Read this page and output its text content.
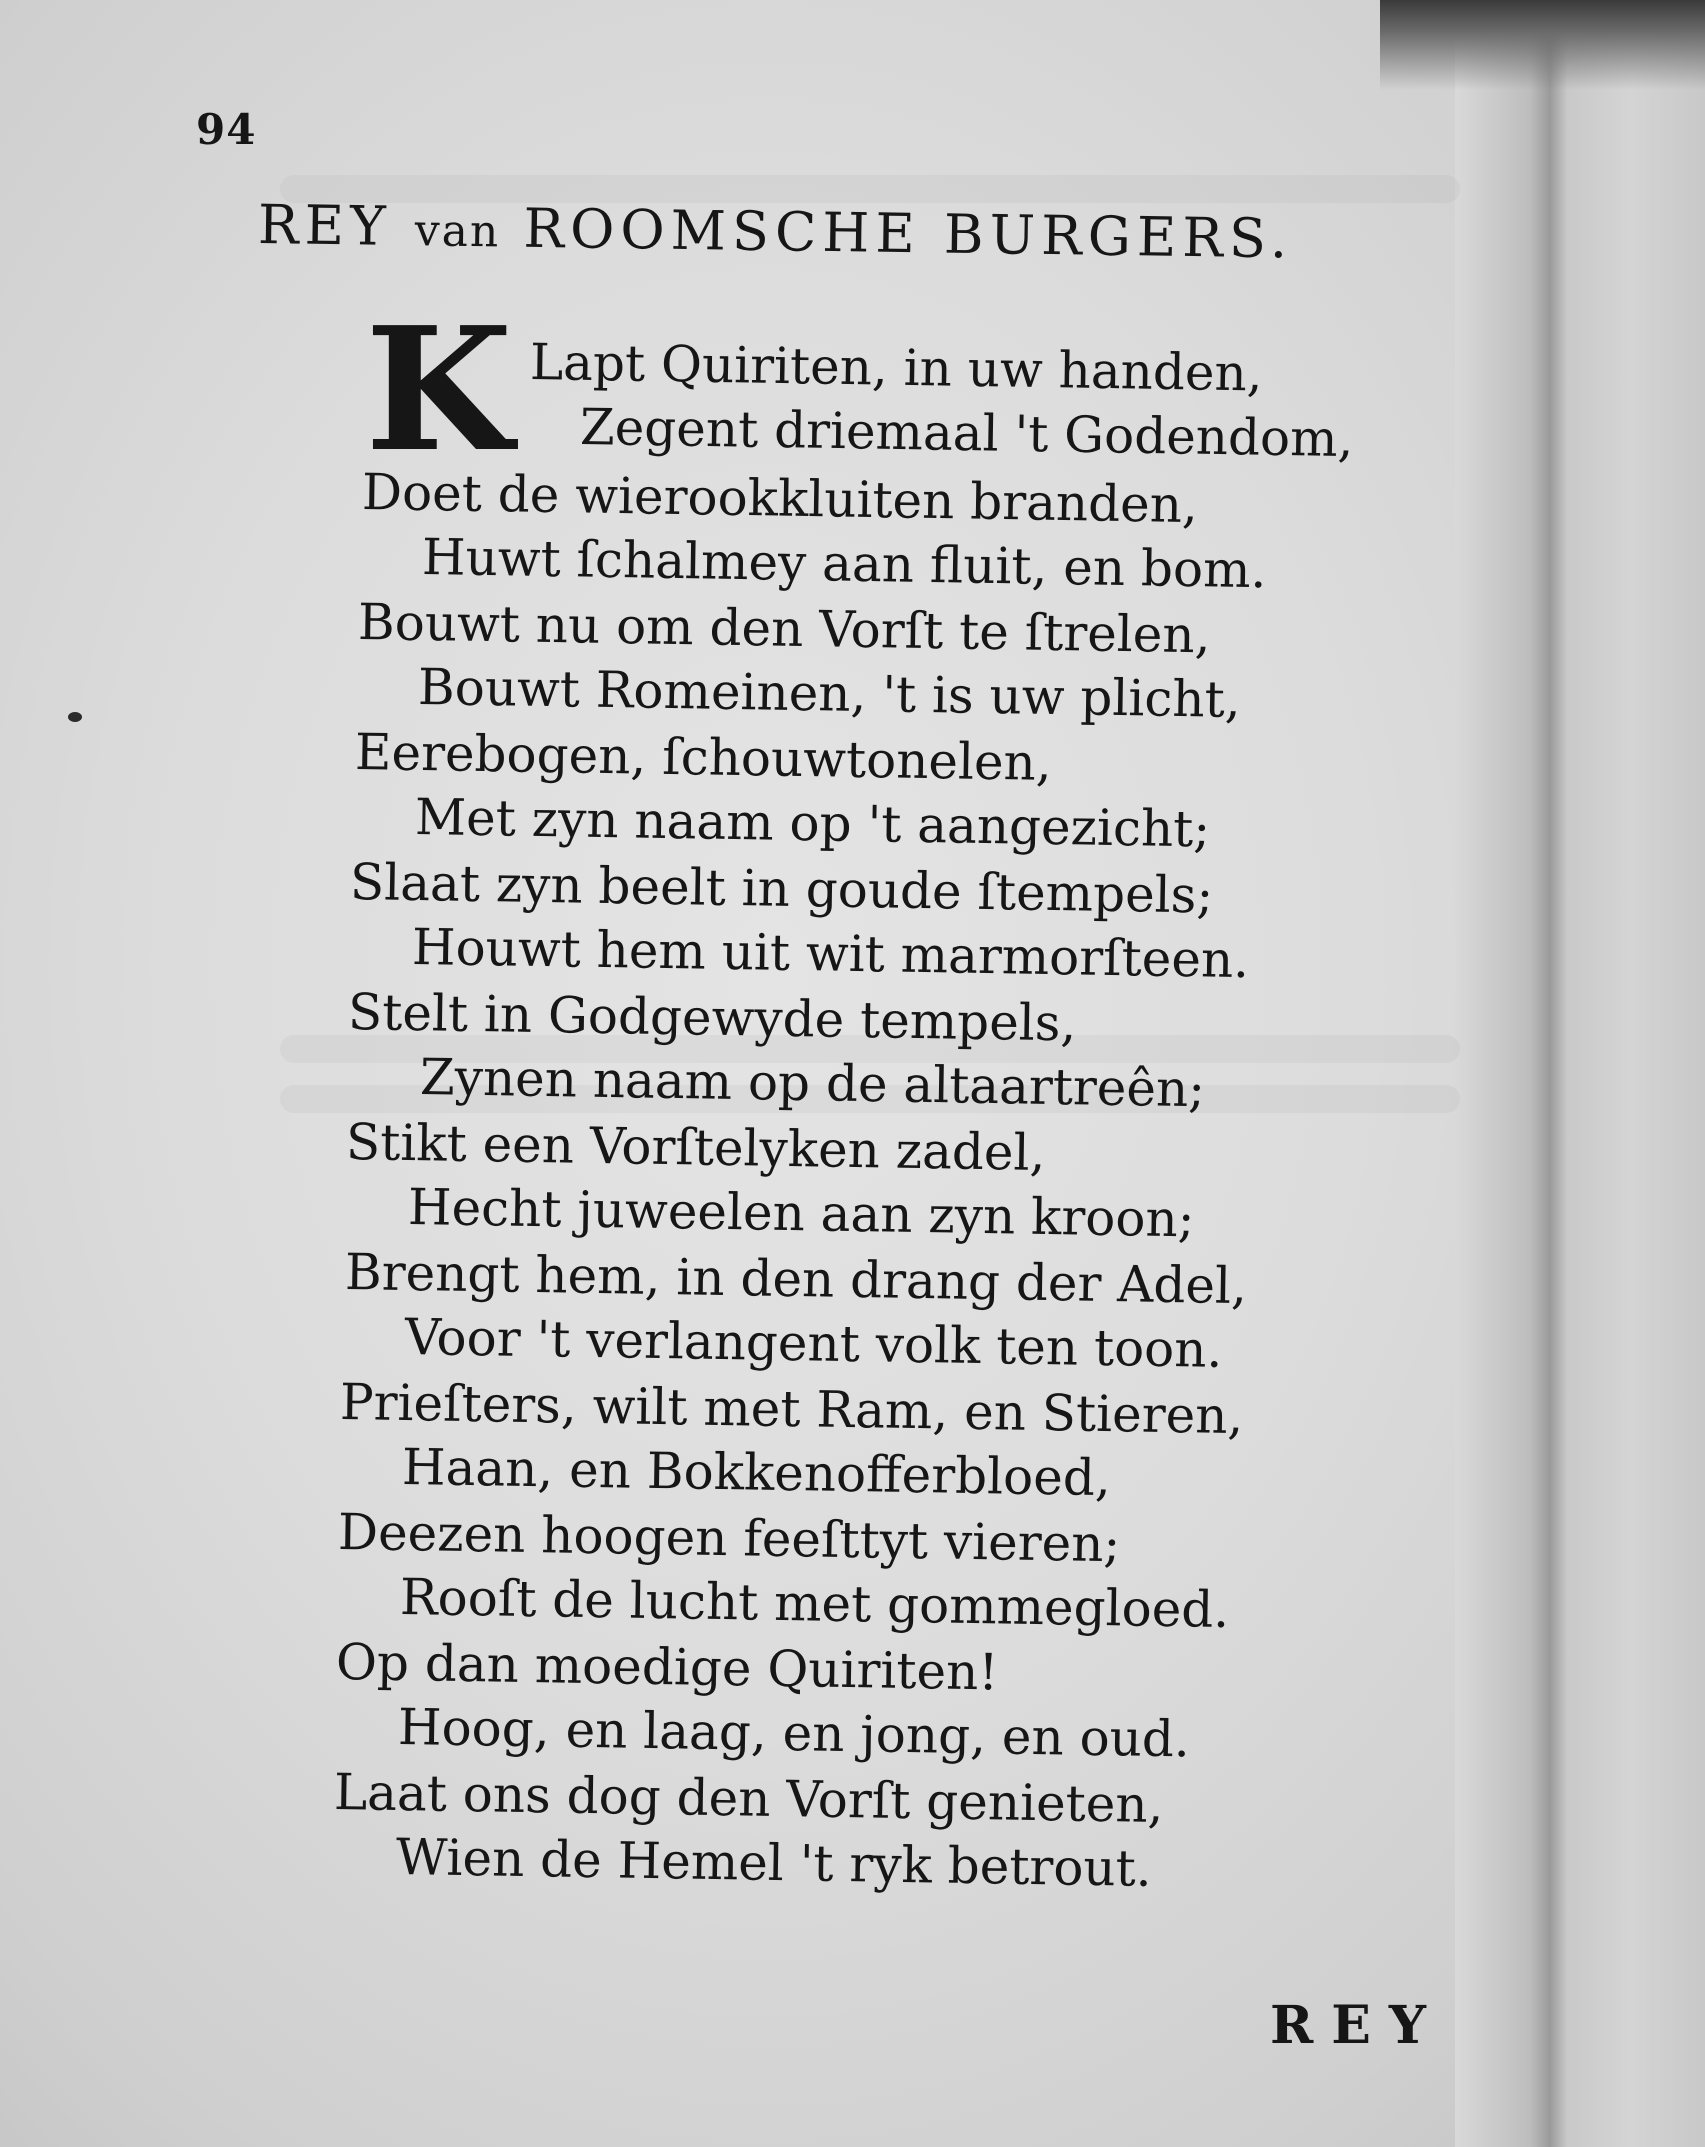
94
REY van ROOMSCHE BURGERS.
K Lapt Quiriten, in uw handen,
Zegent driemaal 't Godendom,
Doet de wierookkluiten branden,
Huwt ſchalmey aan fluit, en bom.
Bouwt nu om den Vorſt te ſtrelen,
Bouwt Romeinen, 't is uw plicht,
Eerebogen, ſchouwtonelen,
Met zyn naam op 't aangezicht;
Slaat zyn beelt in goude ſtempels;
Houwt hem uit wit marmorſteen.
Stelt in Godgewyde tempels,
Zynen naam op de altaartreên;
Stikt een Vorſtelyken zadel,
Hecht juweelen aan zyn kroon;
Brengt hem, in den drang der Adel,
Voor 't verlangent volk ten toon.
Prieſters, wilt met Ram, en Stieren,
Haan, en Bokkenofferbloed,
Deezen hoogen feeſttyt vieren;
Rooſt de lucht met gommegloed.
Op dan moedige Quiriten!
Hoog, en laag, en jong, en oud.
Laat ons dog den Vorſt genieten,
Wien de Hemel 't ryk betrout.
REY
